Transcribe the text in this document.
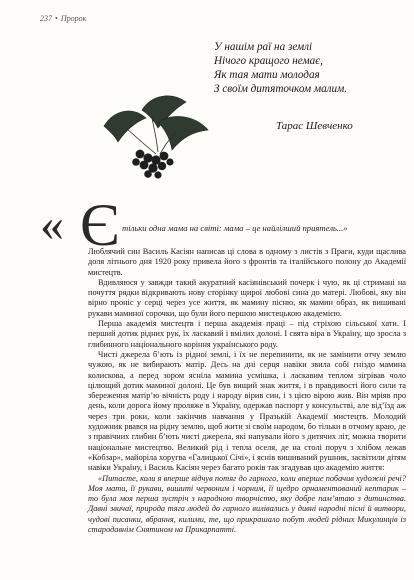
237 • Пророк
У нашім раї на землі
Нічого кращого немає,
Як тая мати молодая
З своїм дитяточком малим.
Тарас Шевченко
« Є тільки одна мама на світі: мама – це найлілший приятель...»

Люблячий син Василь Касіян написав ці слова в одному з листів з Праги, куди щаслива доля літнього дня 1920 року привела його з фронтів та італійського полону до Академії мистецтв.

Вдивляюся у завжди такий акуратний касіянівський почерк і чую, як ці стримані на почуття рядки відкривають нову сторінку щирої любові сина до матері. Любові, яку він вірно проніс у серці через усе життя, як мамину пісню, як мамин образ, як вишивані рукави маминої сорочки, що були його першою мистецькою академією.

Перша академія мистецтв і перша академія праці – під стріхою сільської хати. І перший дотик рідних рук, їх ласкавий і вмілих долоні. І свята віра в Україну, що зросла з глибинного національного коріння українського роду.

Чисті джерела б’ють із рідної землі, і їх не перепинити, як не замінити отчу землю чужою, як не вибирають матір. Десь на дні серця навіки звила собі гніздо мамина колискова, а перед зором ясніла мамина усмішка, і ласкавим теплом зігрівав чоло цілющий дотик маминої долоні. Це був вищий знак життя, і в правдивості його сили та збереження матір’ю вічність роду і народу вірив син, і з цією вірою жив. Він мріяв про день, коли дорога йому проляже в Україну, одержав паспорт у консульстві, але від’їзд аж через три роки, коли закінчив навчання у Празькій Академії мистецтв. Молодий художник рвався на рідну землю, щоб жити зі своїм народом, бо тільки в отчому краю, де з правічних глибин б’ють чисті джерела, які напували його з дитячих літ, можна творити національне мистецтво. Великий рід і тепла оселя, де на столі поруч з хлібом лежав «Кобзар», майоріла хоругва «Галицької Січі», і яснів вишиваний рушник, засвітили дітям навіки Україну, і Василь Касіян через багато років так згадував цю академію життя:

«Питаєте, коли я вперше відчув потяг до гарного, коли вперше побачив художні речі? Моя мати, її рукави, вишиті червоним і чорним, її щедро орнаментований кептарик – то була моя перша зустріч з народною творчістю, яку добре пам’ятаю з дитинства. Давні звичаї, природа тяга людей до гарного вилівались у дивні народні пісні й витвори, чудові писанки, вбрання, килими, те, що прикрашало побут людей рідних Микулинців із стародавнім Снятином на Прикарпатті.
